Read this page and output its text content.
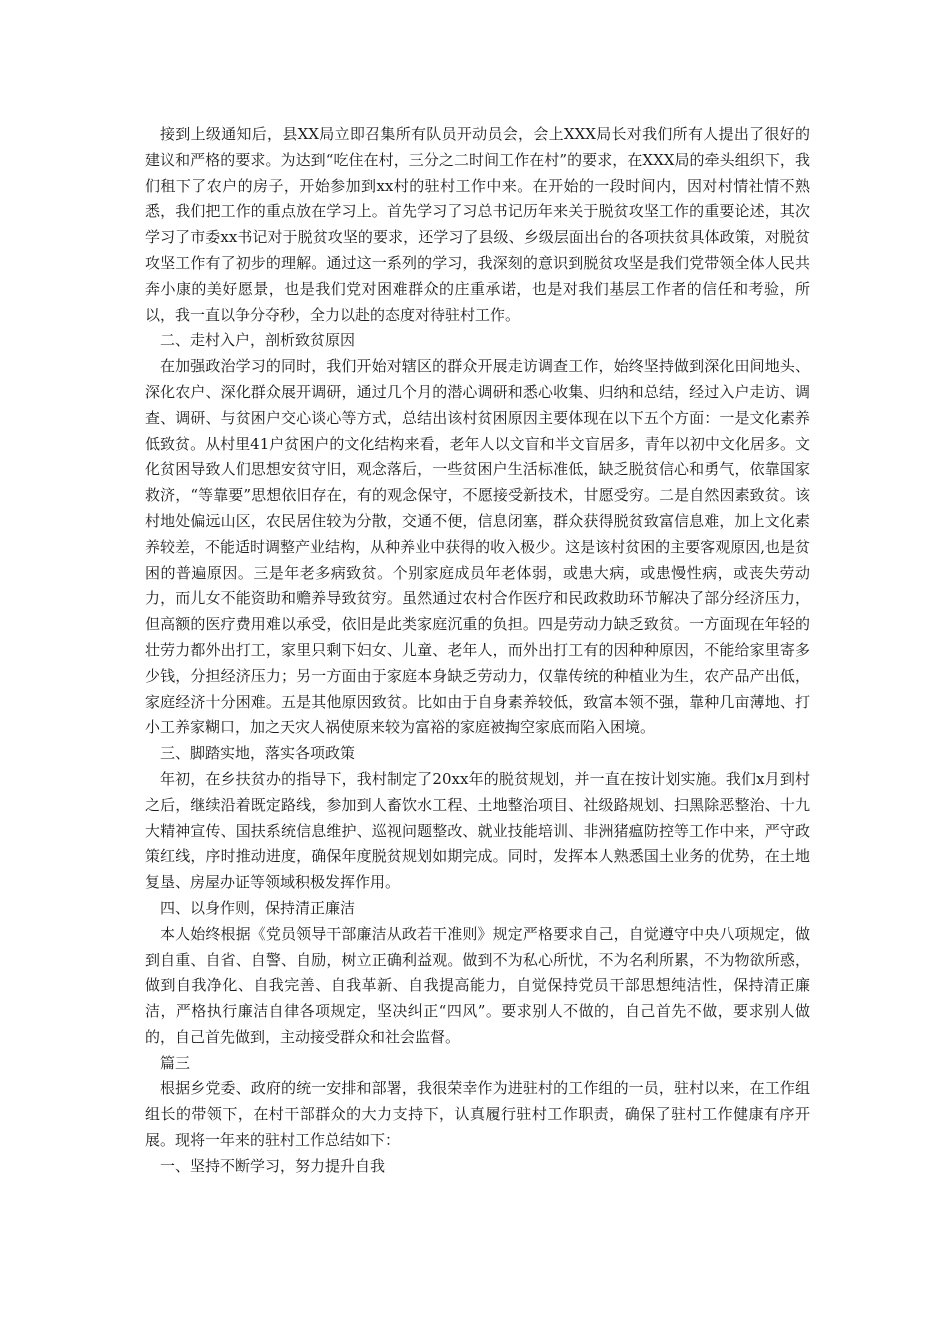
接到上级通知后，县XX局立即召集所有队员开动员会，会上XXX局长对我们所有人提出了很好的建议和严格的要求。为达到“吃住在村，三分之二时间工作在村”的要求，在XXX局的牵头组织下，我们租下了农户的房子，开始参加到xx村的驻村工作中来。在开始的一段时间内，因对村情社情不熟悉，我们把工作的重点放在学习上。首先学习了习总书记历年来关于脱贫攻坚工作的重要论述，其次学习了市委xx书记对于脱贫攻坚的要求，还学习了县级、乡级层面出台的各项扶贫具体政策，对脱贫攻坚工作有了初步的理解。通过这一系列的学习，我深刻的意识到脱贫攻坚是我们党带领全体人民共奔小康的美好愿景，也是我们党对困难群众的庄重承诺，也是对我们基层工作者的信任和考验，所以，我一直以争分夺秒，全力以赴的态度对待驻村工作。

二、走村入户，剖析致贫原因

在加强政治学习的同时，我们开始对辖区的群众开展走访调查工作，始终坚持做到深化田间地头、深化农户、深化群众展开调研，通过几个月的潜心调研和悉心收集、归纳和总结，经过入户走访、调查、调研、与贫困户交心谈心等方式，总结出该村贫困原因主要体现在以下五个方面：一是文化素养低致贫。从村里41户贫困户的文化结构来看，老年人以文盲和半文盲居多，青年以初中文化居多。文化贫困导致人们思想安贫守旧，观念落后，一些贫困户生活标准低，缺乏脱贫信心和勇气，依靠国家救济，“等靠要”思想依旧存在，有的观念保守，不愿接受新技术，甘愿受穷。二是自然因素致贫。该村地处偏远山区，农民居住较为分散，交通不便，信息闭塞，群众获得脱贫致富信息难，加上文化素养较差，不能适时调整产业结构，从种养业中获得的收入极少。这是该村贫困的主要客观原因,也是贫困的普遍原因。三是年老多病致贫。个别家庭成员年老体弱，或患大病，或患慢性病，或丧失劳动力，而儿女不能资助和赡养导致贫穷。虽然通过农村合作医疗和民政救助环节解决了部分经济压力，但高额的医疗费用难以承受，依旧是此类家庭沉重的负担。四是劳动力缺乏致贫。一方面现在年轻的壮劳力都外出打工，家里只剩下妇女、儿童、老年人，而外出打工有的因种种原因，不能给家里寄多少钱，分担经济压力；另一方面由于家庭本身缺乏劳动力，仅靠传统的种植业为生，农产品产出低，家庭经济十分困难。五是其他原因致贫。比如由于自身素养较低，致富本领不强，靠种几亩薄地、打小工养家糊口，加之天灾人祸使原来较为富裕的家庭被掏空家底而陷入困境。

三、脚踏实地，落实各项政策

年初，在乡扶贫办的指导下，我村制定了20xx年的脱贫规划，并一直在按计划实施。我们x月到村之后，继续沿着既定路线，参加到人畜饮水工程、土地整治项目、社级路规划、扫黑除恶整治、十九大精神宣传、国扶系统信息维护、巡视问题整改、就业技能培训、非洲猪瘟防控等工作中来，严守政策红线，序时推动进度，确保年度脱贫规划如期完成。同时，发挥本人熟悉国土业务的优势，在土地复垦、房屋办证等领域积极发挥作用。

四、以身作则，保持清正廉洁

本人始终根据《党员领导干部廉洁从政若干准则》规定严格要求自己，自觉遵守中央八项规定，做到自重、自省、自警、自励，树立正确利益观。做到不为私心所忧，不为名利所累，不为物欲所惑，做到自我净化、自我完善、自我革新、自我提高能力，自觉保持党员干部思想纯洁性，保持清正廉洁，严格执行廉洁自律各项规定，坚决纠正“四风”。要求别人不做的，自己首先不做，要求别人做的，自己首先做到，主动接受群众和社会监督。

篇三

根据乡党委、政府的统一安排和部署，我很荣幸作为进驻村的工作组的一员，驻村以来，在工作组组长的带领下，在村干部群众的大力支持下，认真履行驻村工作职责，确保了驻村工作健康有序开展。现将一年来的驻村工作总结如下：

一、坚持不断学习，努力提升自我
